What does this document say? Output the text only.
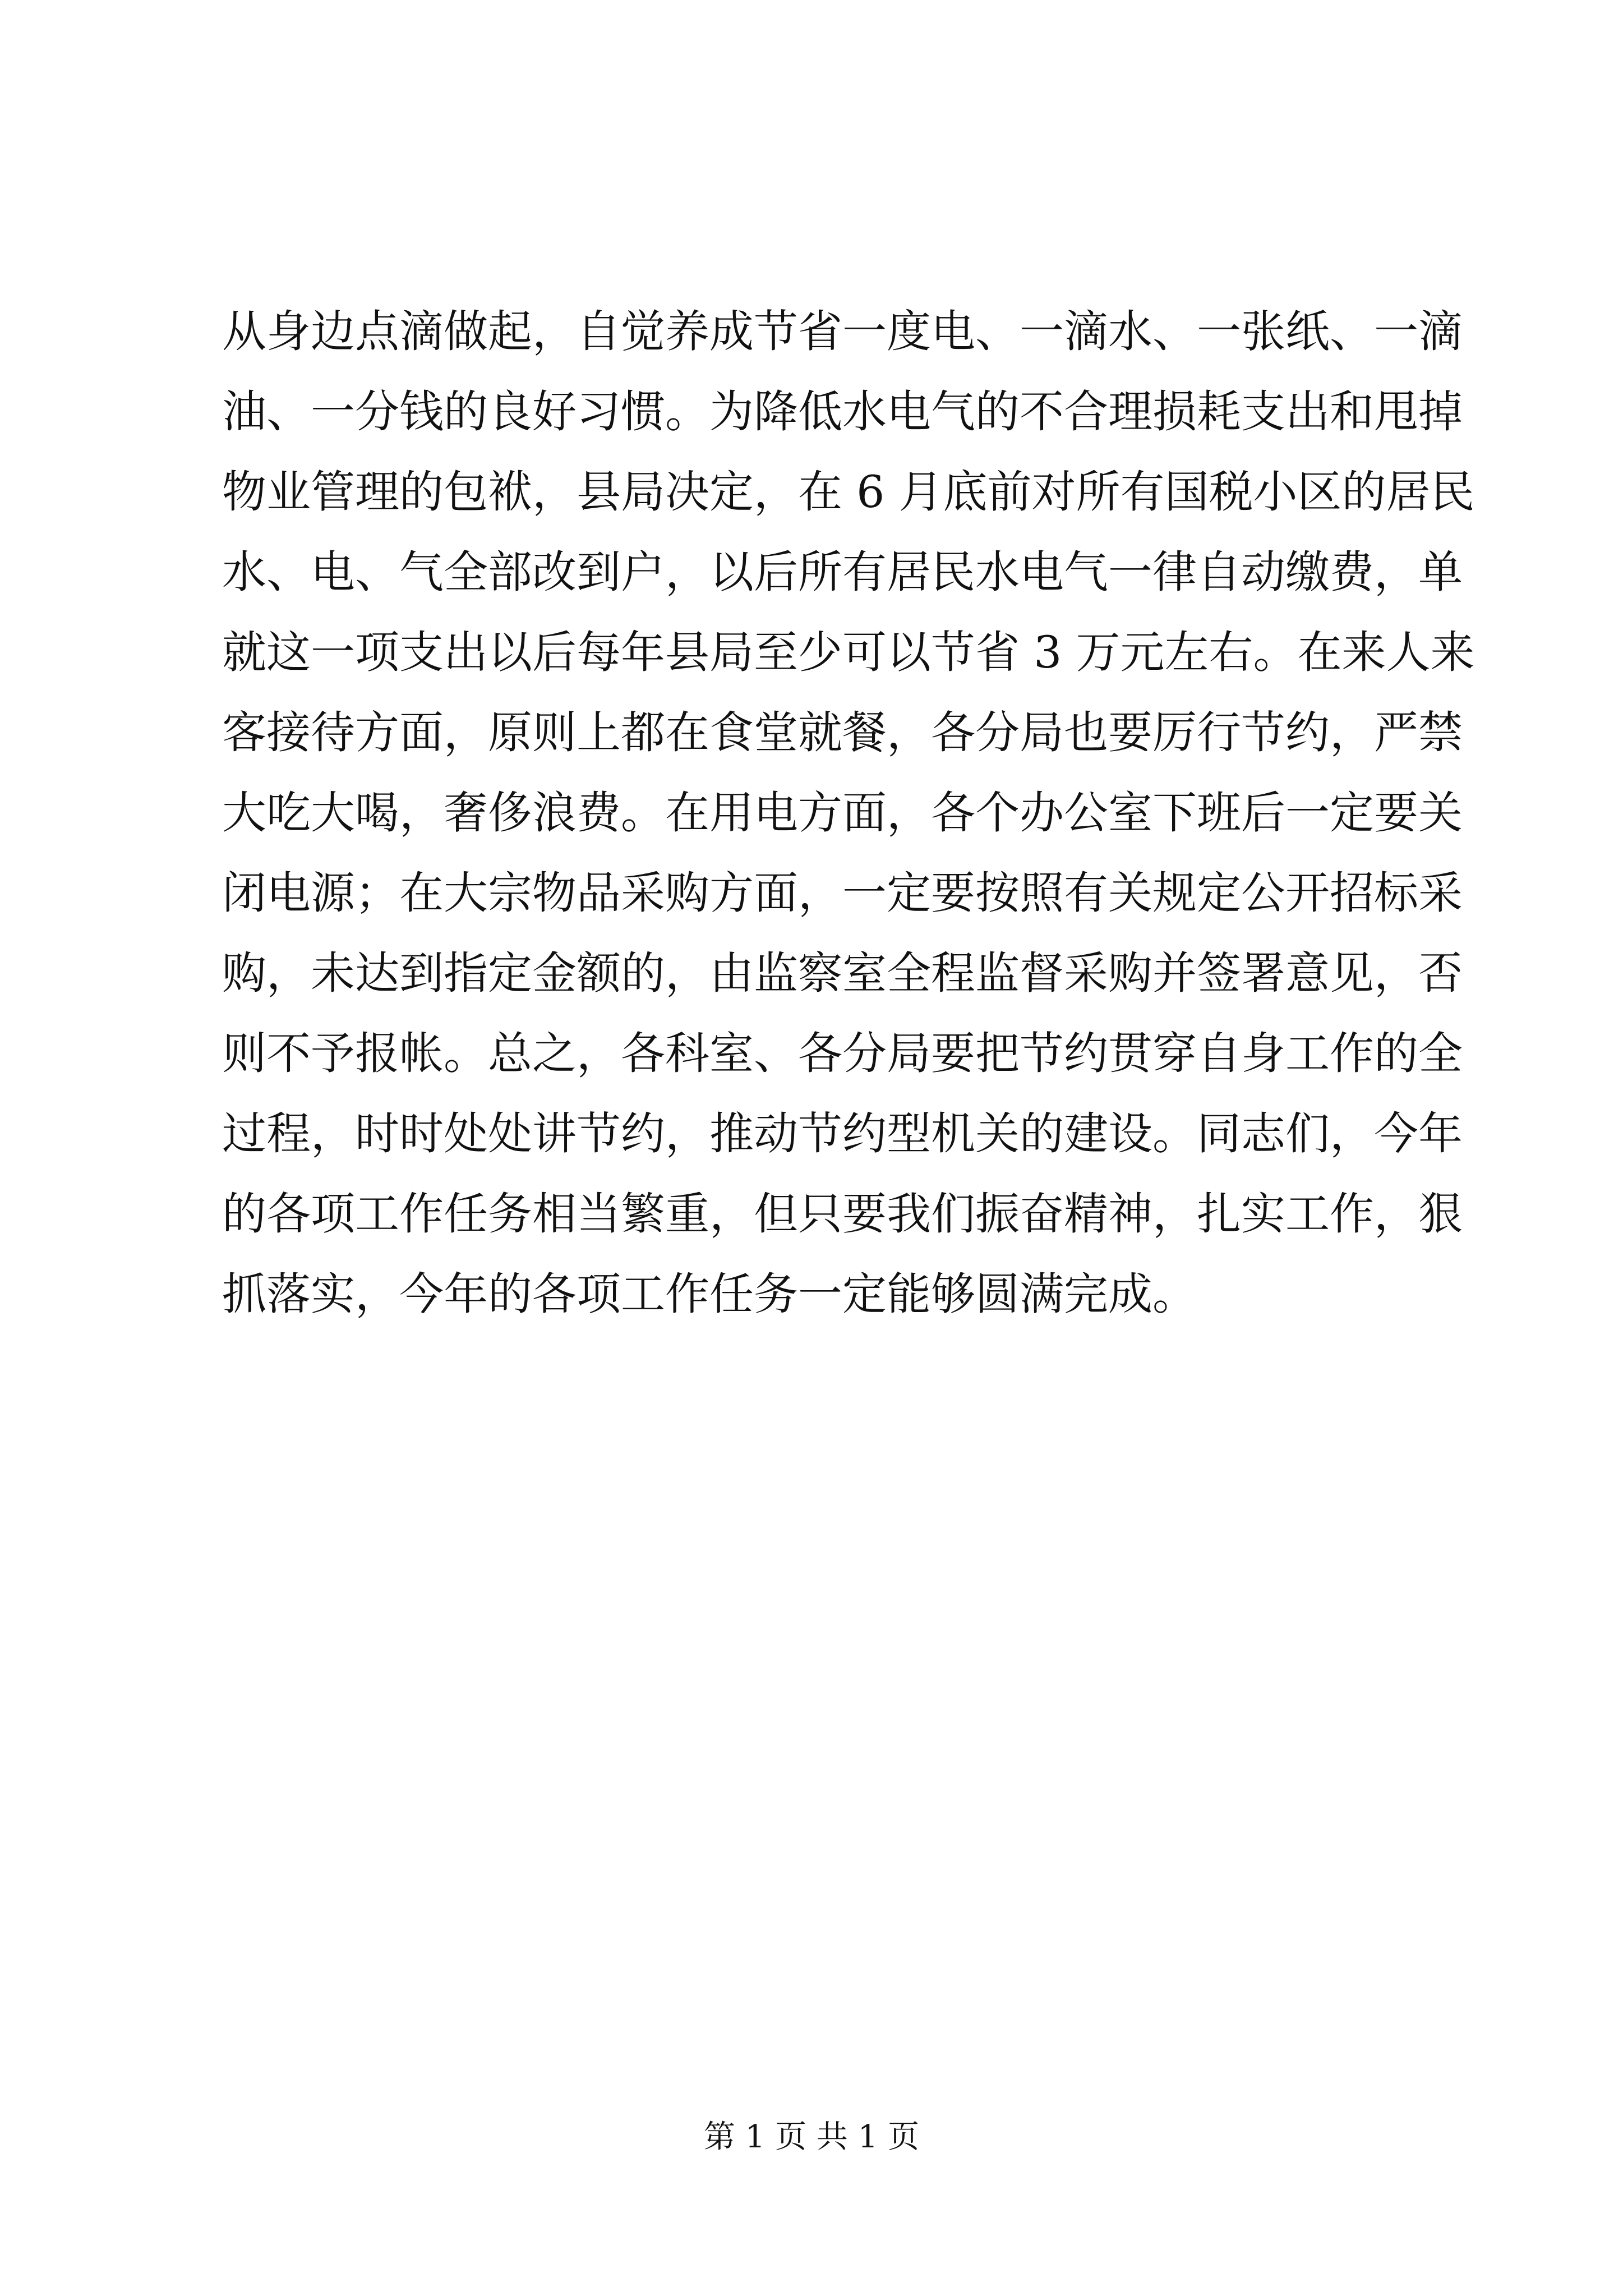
从身边点滴做起，自觉养成节省一度电、一滴水、一张纸、一滴
油、一分钱的良好习惯。为降低水电气的不合理损耗支出和甩掉
物业管理的包袱，县局决定，在 6 月底前对所有国税小区的居民
水、电、气全部改到户，以后所有居民水电气一律自动缴费，单
就这一项支出以后每年县局至少可以节省 3 万元左右。在来人来
客接待方面，原则上都在食堂就餐，各分局也要厉行节约，严禁
大吃大喝，奢侈浪费。在用电方面，各个办公室下班后一定要关
闭电源；在大宗物品采购方面，一定要按照有关规定公开招标采
购，未达到指定金额的，由监察室全程监督采购并签署意见，否
则不予报帐。总之，各科室、各分局要把节约贯穿自身工作的全
过程，时时处处讲节约，推动节约型机关的建设。同志们，今年
的各项工作任务相当繁重，但只要我们振奋精神，扎实工作，狠
抓落实，今年的各项工作任务一定能够圆满完成。
第 1 页 共 1 页
